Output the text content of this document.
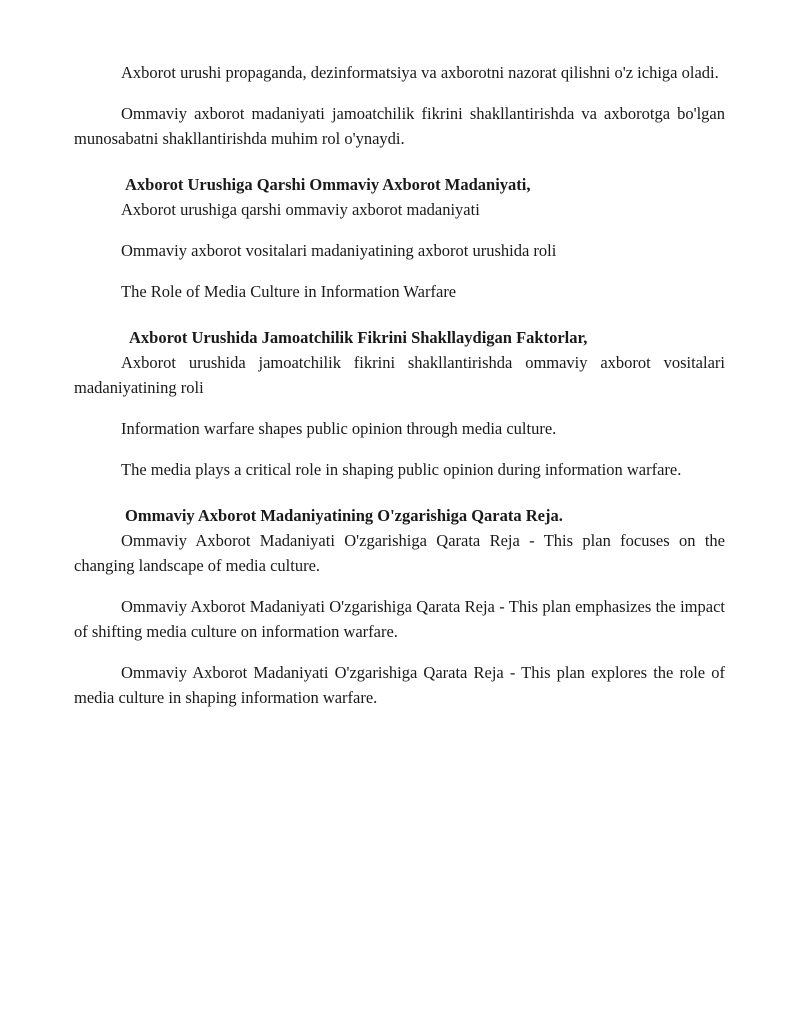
Axborot urushi propaganda, dezinformatsiya va axborotni nazorat qilishni o'z ichiga oladi.

Ommaviy axborot madaniyati jamoatchilik fikrini shakllantirishda va axborotga bo'lgan munosabatni shakllantirishda muhim rol o'ynaydi.

Axborot Urushiga Qarshi Ommaviy Axborot Madaniyati,

Axborot urushiga qarshi ommaviy axborot madaniyati

Ommaviy axborot vositalari madaniyatining axborot urushida roli

The Role of Media Culture in Information Warfare

Axborot Urushida Jamoatchilik Fikrini Shakllaydigan Faktorlar,

Axborot urushida jamoatchilik fikrini shakllantirishda ommaviy axborot vositalari madaniyatining roli

Information warfare shapes public opinion through media culture.

The media plays a critical role in shaping public opinion during information warfare.

Ommaviy Axborot Madaniyatining O'zgarishiga Qarata Reja.

Ommaviy Axborot Madaniyati O'zgarishiga Qarata Reja - This plan focuses on the changing landscape of media culture.

Ommaviy Axborot Madaniyati O'zgarishiga Qarata Reja - This plan emphasizes the impact of shifting media culture on information warfare.

Ommaviy Axborot Madaniyati O'zgarishiga Qarata Reja - This plan explores the role of media culture in shaping information warfare.
